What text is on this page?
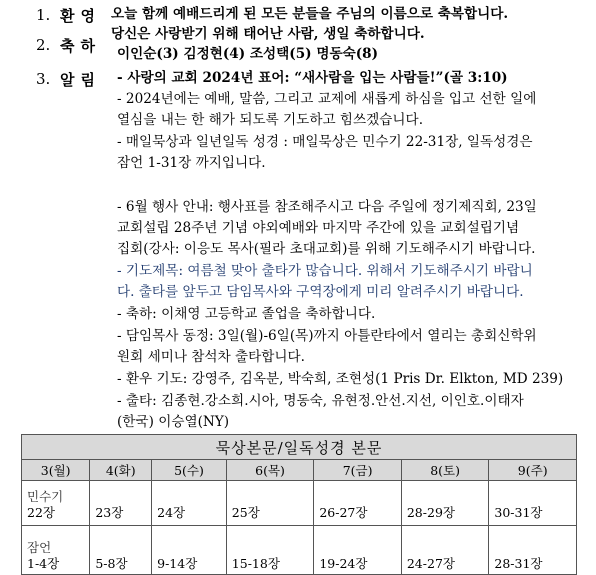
1. 환영 오늘 함께 예배드리게 된 모든 분들을 주님의 이름으로 축복합니다.
2. 축하
당신은 사랑받기 위해 태어난 사람, 생일 축하합니다.
이인순(3) 김정현(4) 조성택(5) 명동숙(8)
3. 알림 - 사랑의 교회 2024년 표어: “새사람을 입는 사람들!”(골 3:10)
- 2024년에는 예배, 말씀, 그리고 교제에 새롭게 하심을 입고 선한 일에
열심을 내는 한 해가 되도록 기도하고 힘쓰겠습니다.
- 매일묵상과 일년일독 성경 : 매일묵상은 민수기 22-31장, 일독성경은
잠언 1-31장 까지입니다.
- 6월 행사 안내: 행사표를 참조해주시고 다음 주일에 정기제직회, 23일
교회설립 28주년 기념 야외예배와 마지막 주간에 있을 교회설립기념
집회(강사: 이응도 목사(필라 초대교회)를 위해 기도해주시기 바랍니다.
- 기도제목: 여름철 맞아 출타가 많습니다. 위해서 기도해주시기 바랍니
다. 출타를 앞두고 담임목사와 구역장에게 미리 알려주시기 바랍니다.
- 축하: 이채영 고등학교 졸업을 축하합니다.
- 담임목사 동정: 3일(월)-6일(목)까지 아틀란타에서 열리는 총회신학위
원회 세미나 참석차 출타합니다.
- 환우 기도: 강영주, 김옥분, 박숙희, 조현성(1 Pris Dr. Elkton, MD 239)
- 출타: 김종현.강소희.시아, 명동숙, 유현정.안선.지선, 이인호.이태자
(한국) 이승열(NY)
묵상본문/일독성경 본문						
3(월)	4(화)	5(수)	6(목)	7(금)	8(토)	9(주)

민수기
22장	23장	24장	25장	26-27장	28-29장	30-31장

잠언
1-4장	5-8장	9-14장	15-18장	19-24장	24-27장	28-31장
